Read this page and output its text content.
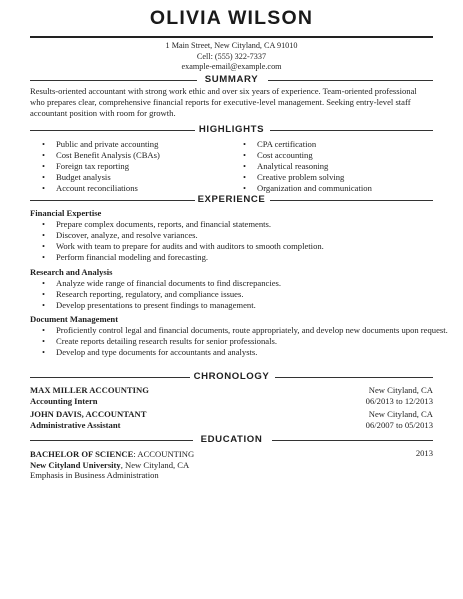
OLIVIA WILSON
1 Main Street, New Cityland, CA 91010
Cell: (555) 322-7337
example-email@example.com
SUMMARY
Results-oriented accountant with strong work ethic and over six years of experience. Team-oriented professional
who prepares clear, comprehensive financial reports for executive-level management. Seeking entry-level staff
accountant position with room for growth.
HIGHLIGHTS
• Public and private accounting
• Cost Benefit Analysis (CBAs)
• Foreign tax reporting
• Budget analysis
• Account reconciliations
• CPA certification
• Cost accounting
• Analytical reasoning
• Creative problem solving
• Organization and communication
EXPERIENCE
Financial Expertise
• Prepare complex documents, reports, and financial statements.
• Discover, analyze, and resolve variances.
• Work with team to prepare for audits and with auditors to smooth completion.
• Perform financial modeling and forecasting.
Research and Analysis
• Analyze wide range of financial documents to find discrepancies.
• Research reporting, regulatory, and compliance issues.
• Develop presentations to present findings to management.
Document Management
• Proficiently control legal and financial documents, route appropriately, and develop new documents upon request.
• Create reports detailing research results for senior professionals.
• Develop and type documents for accountants and analysts.
CHRONOLOGY
MAX MILLER ACCOUNTING	New Cityland, CA
Accounting Intern	06/2013 to 12/2013
JOHN DAVIS, ACCOUNTANT	New Cityland, CA
Administrative Assistant	06/2007 to 05/2013
EDUCATION
BACHELOR OF SCIENCE: ACCOUNTING	2013
New Cityland University, New Cityland, CA
Emphasis in Business Administration
